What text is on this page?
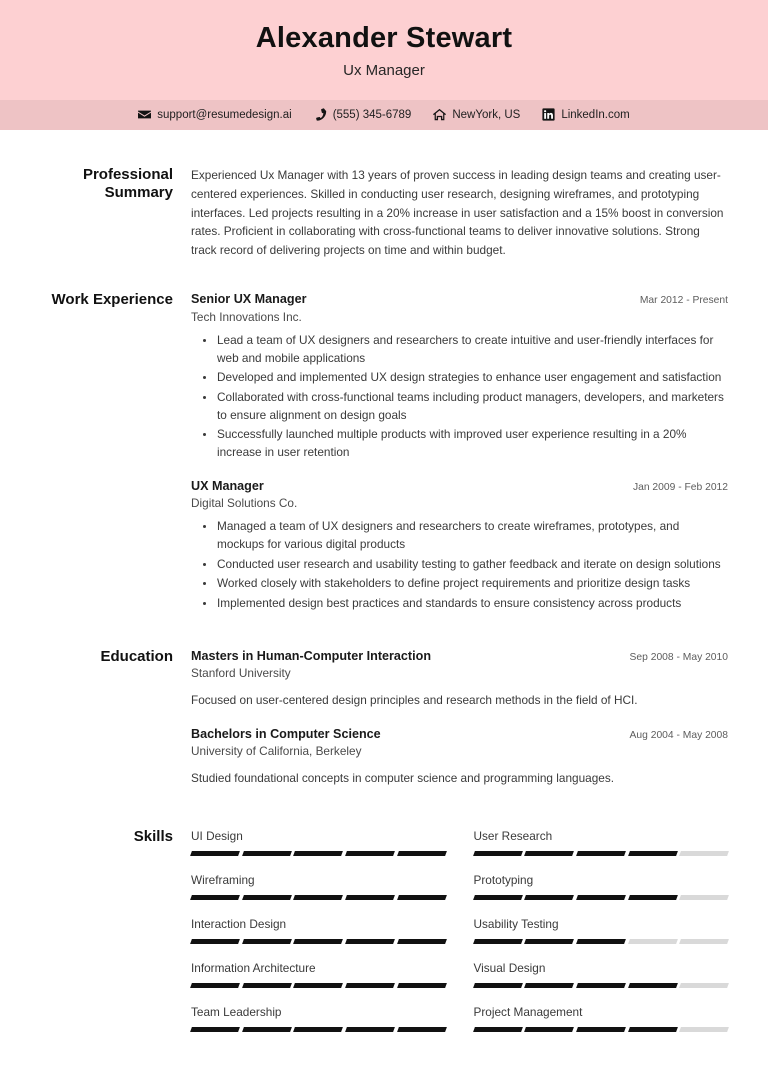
Alexander Stewart
Ux Manager
support@resumedesign.ai	(555) 345-6789	NewYork, US	LinkedIn.com
Professional Summary
Experienced Ux Manager with 13 years of proven success in leading design teams and creating user-centered experiences. Skilled in conducting user research, designing wireframes, and prototyping interfaces. Led projects resulting in a 20% increase in user satisfaction and a 15% boost in conversion rates. Proficient in collaborating with cross-functional teams to deliver innovative solutions. Strong track record of delivering projects on time and within budget.
Work Experience	Senior UX Manager	Mar 2012 - Present
Tech Innovations Inc.
Lead a team of UX designers and researchers to create intuitive and user-friendly interfaces for web and mobile applications
Developed and implemented UX design strategies to enhance user engagement and satisfaction
Collaborated with cross-functional teams including product managers, developers, and marketers to ensure alignment on design goals
Successfully launched multiple products with improved user experience resulting in a 20% increase in user retention
UX Manager	Jan 2009 - Feb 2012
Digital Solutions Co.
Managed a team of UX designers and researchers to create wireframes, prototypes, and mockups for various digital products
Conducted user research and usability testing to gather feedback and iterate on design solutions
Worked closely with stakeholders to define project requirements and prioritize design tasks
Implemented design best practices and standards to ensure consistency across products
Education	Masters in Human-Computer Interaction	Sep 2008 - May 2010
Stanford University
Focused on user-centered design principles and research methods in the field of HCI.
Bachelors in Computer Science	Aug 2004 - May 2008
University of California, Berkeley
Studied foundational concepts in computer science and programming languages.
Skills	UI Design	User Research
Wireframing	Prototyping
Interaction Design	Usability Testing
Information Architecture	Visual Design
Team Leadership	Project Management
